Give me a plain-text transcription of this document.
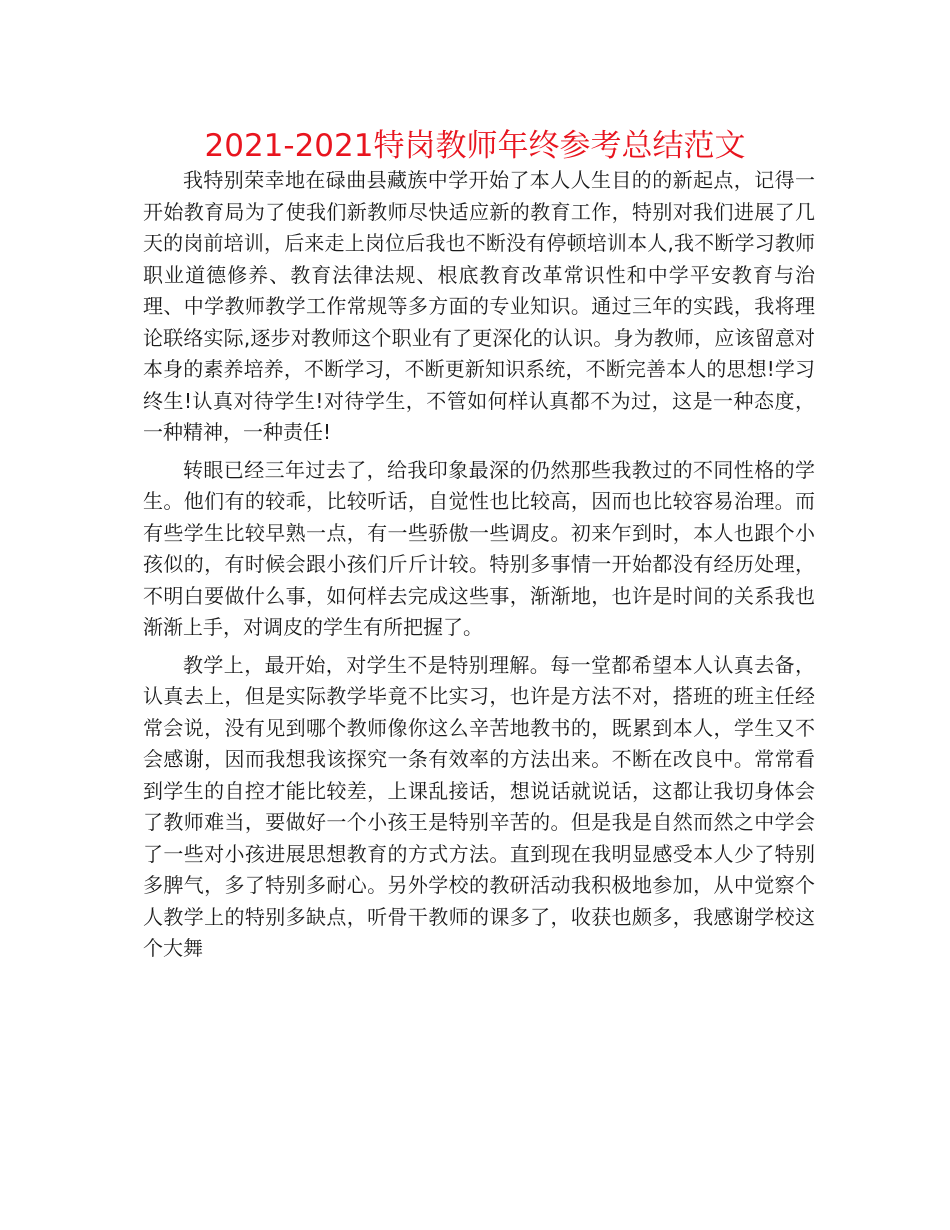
2021-2021特岗教师年终参考总结范文

我特别荣幸地在碌曲县藏族中学开始了本人人生目的的新起点，记得一开始教育局为了使我们新教师尽快适应新的教育工作，特别对我们进展了几天的岗前培训，后来走上岗位后我也不断没有停顿培训本人,我不断学习教师职业道德修养、教育法律法规、根底教育改革常识性和中学平安教育与治理、中学教师教学工作常规等多方面的专业知识。通过三年的实践，我将理论联络实际,逐步对教师这个职业有了更深化的认识。身为教师，应该留意对本身的素养培养，不断学习，不断更新知识系统，不断完善本人的思想!学习终生!认真对待学生!对待学生，不管如何样认真都不为过，这是一种态度，一种精神，一种责任!

转眼已经三年过去了，给我印象最深的仍然那些我教过的不同性格的学生。他们有的较乖，比较听话，自觉性也比较高，因而也比较容易治理。而有些学生比较早熟一点，有一些骄傲一些调皮。初来乍到时，本人也跟个小孩似的，有时候会跟小孩们斤斤计较。特别多事情一开始都没有经历处理，不明白要做什么事，如何样去完成这些事，渐渐地，也许是时间的关系我也渐渐上手，对调皮的学生有所把握了。

教学上，最开始，对学生不是特别理解。每一堂都希望本人认真去备，认真去上，但是实际教学毕竟不比实习，也许是方法不对，搭班的班主任经常会说，没有见到哪个教师像你这么辛苦地教书的，既累到本人，学生又不会感谢，因而我想我该探究一条有效率的方法出来。不断在改良中。常常看到学生的自控才能比较差，上课乱接话，想说话就说话，这都让我切身体会了教师难当，要做好一个小孩王是特别辛苦的。但是我是自然而然之中学会了一些对小孩进展思想教育的方式方法。直到现在我明显感受本人少了特别多脾气，多了特别多耐心。另外学校的教研活动我积极地参加，从中觉察个人教学上的特别多缺点，听骨干教师的课多了，收获也颇多，我感谢学校这个大舞
